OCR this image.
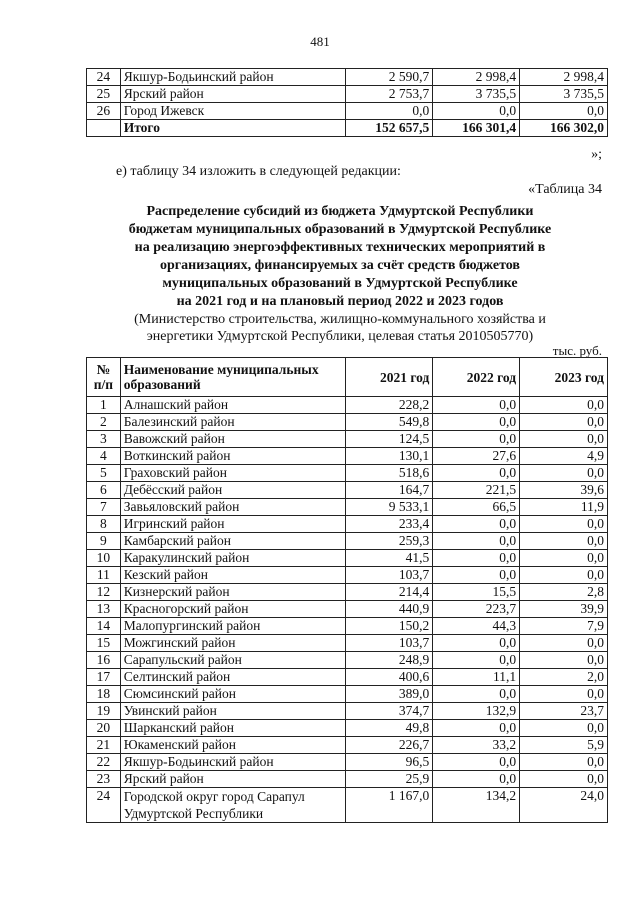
481
24	Якшур-Бодьинский район	2 590,7	2 998,4	2 998,4
25	Ярский район	2 753,7	3 735,5	3 735,5
26	Город Ижевск	0,0	0,0	0,0
	Итого	152 657,5	166 301,4	166 302,0
»;
е) таблицу 34 изложить в следующей редакции:
«Таблица 34
Распределение субсидий из бюджета Удмуртской Республики
бюджетам муниципальных образований в Удмуртской Республике
на реализацию энергоэффективных технических мероприятий в
организациях, финансируемых за счёт средств бюджетов
муниципальных образований в Удмуртской Республике
на 2021 год и на плановый период 2022 и 2023 годов
(Министерство строительства, жилищно-коммунального хозяйства и
энергетики Удмуртской Республики, целевая статья 2010505770)
тыс. руб.
№ п/п	Наименование муниципальных образований	2021 год	2022 год	2023 год
1	Алнашский район	228,2	0,0	0,0
2	Балезинский район	549,8	0,0	0,0
3	Вавожский район	124,5	0,0	0,0
4	Воткинский район	130,1	27,6	4,9
5	Граховский район	518,6	0,0	0,0
6	Дебёсский район	164,7	221,5	39,6
7	Завьяловский район	9 533,1	66,5	11,9
8	Игринский район	233,4	0,0	0,0
9	Камбарский район	259,3	0,0	0,0
10	Каракулинский район	41,5	0,0	0,0
11	Кезский район	103,7	0,0	0,0
12	Кизнерский район	214,4	15,5	2,8
13	Красногорский район	440,9	223,7	39,9
14	Малопургинский район	150,2	44,3	7,9
15	Можгинский район	103,7	0,0	0,0
16	Сарапульский район	248,9	0,0	0,0
17	Селтинский район	400,6	11,1	2,0
18	Сюмсинский район	389,0	0,0	0,0
19	Увинский район	374,7	132,9	23,7
20	Шарканский район	49,8	0,0	0,0
21	Юкаменский район	226,7	33,2	5,9
22	Якшур-Бодьинский район	96,5	0,0	0,0
23	Ярский район	25,9	0,0	0,0
24	Городской округ город Сарапул Удмуртской Республики	1 167,0	134,2	24,0
